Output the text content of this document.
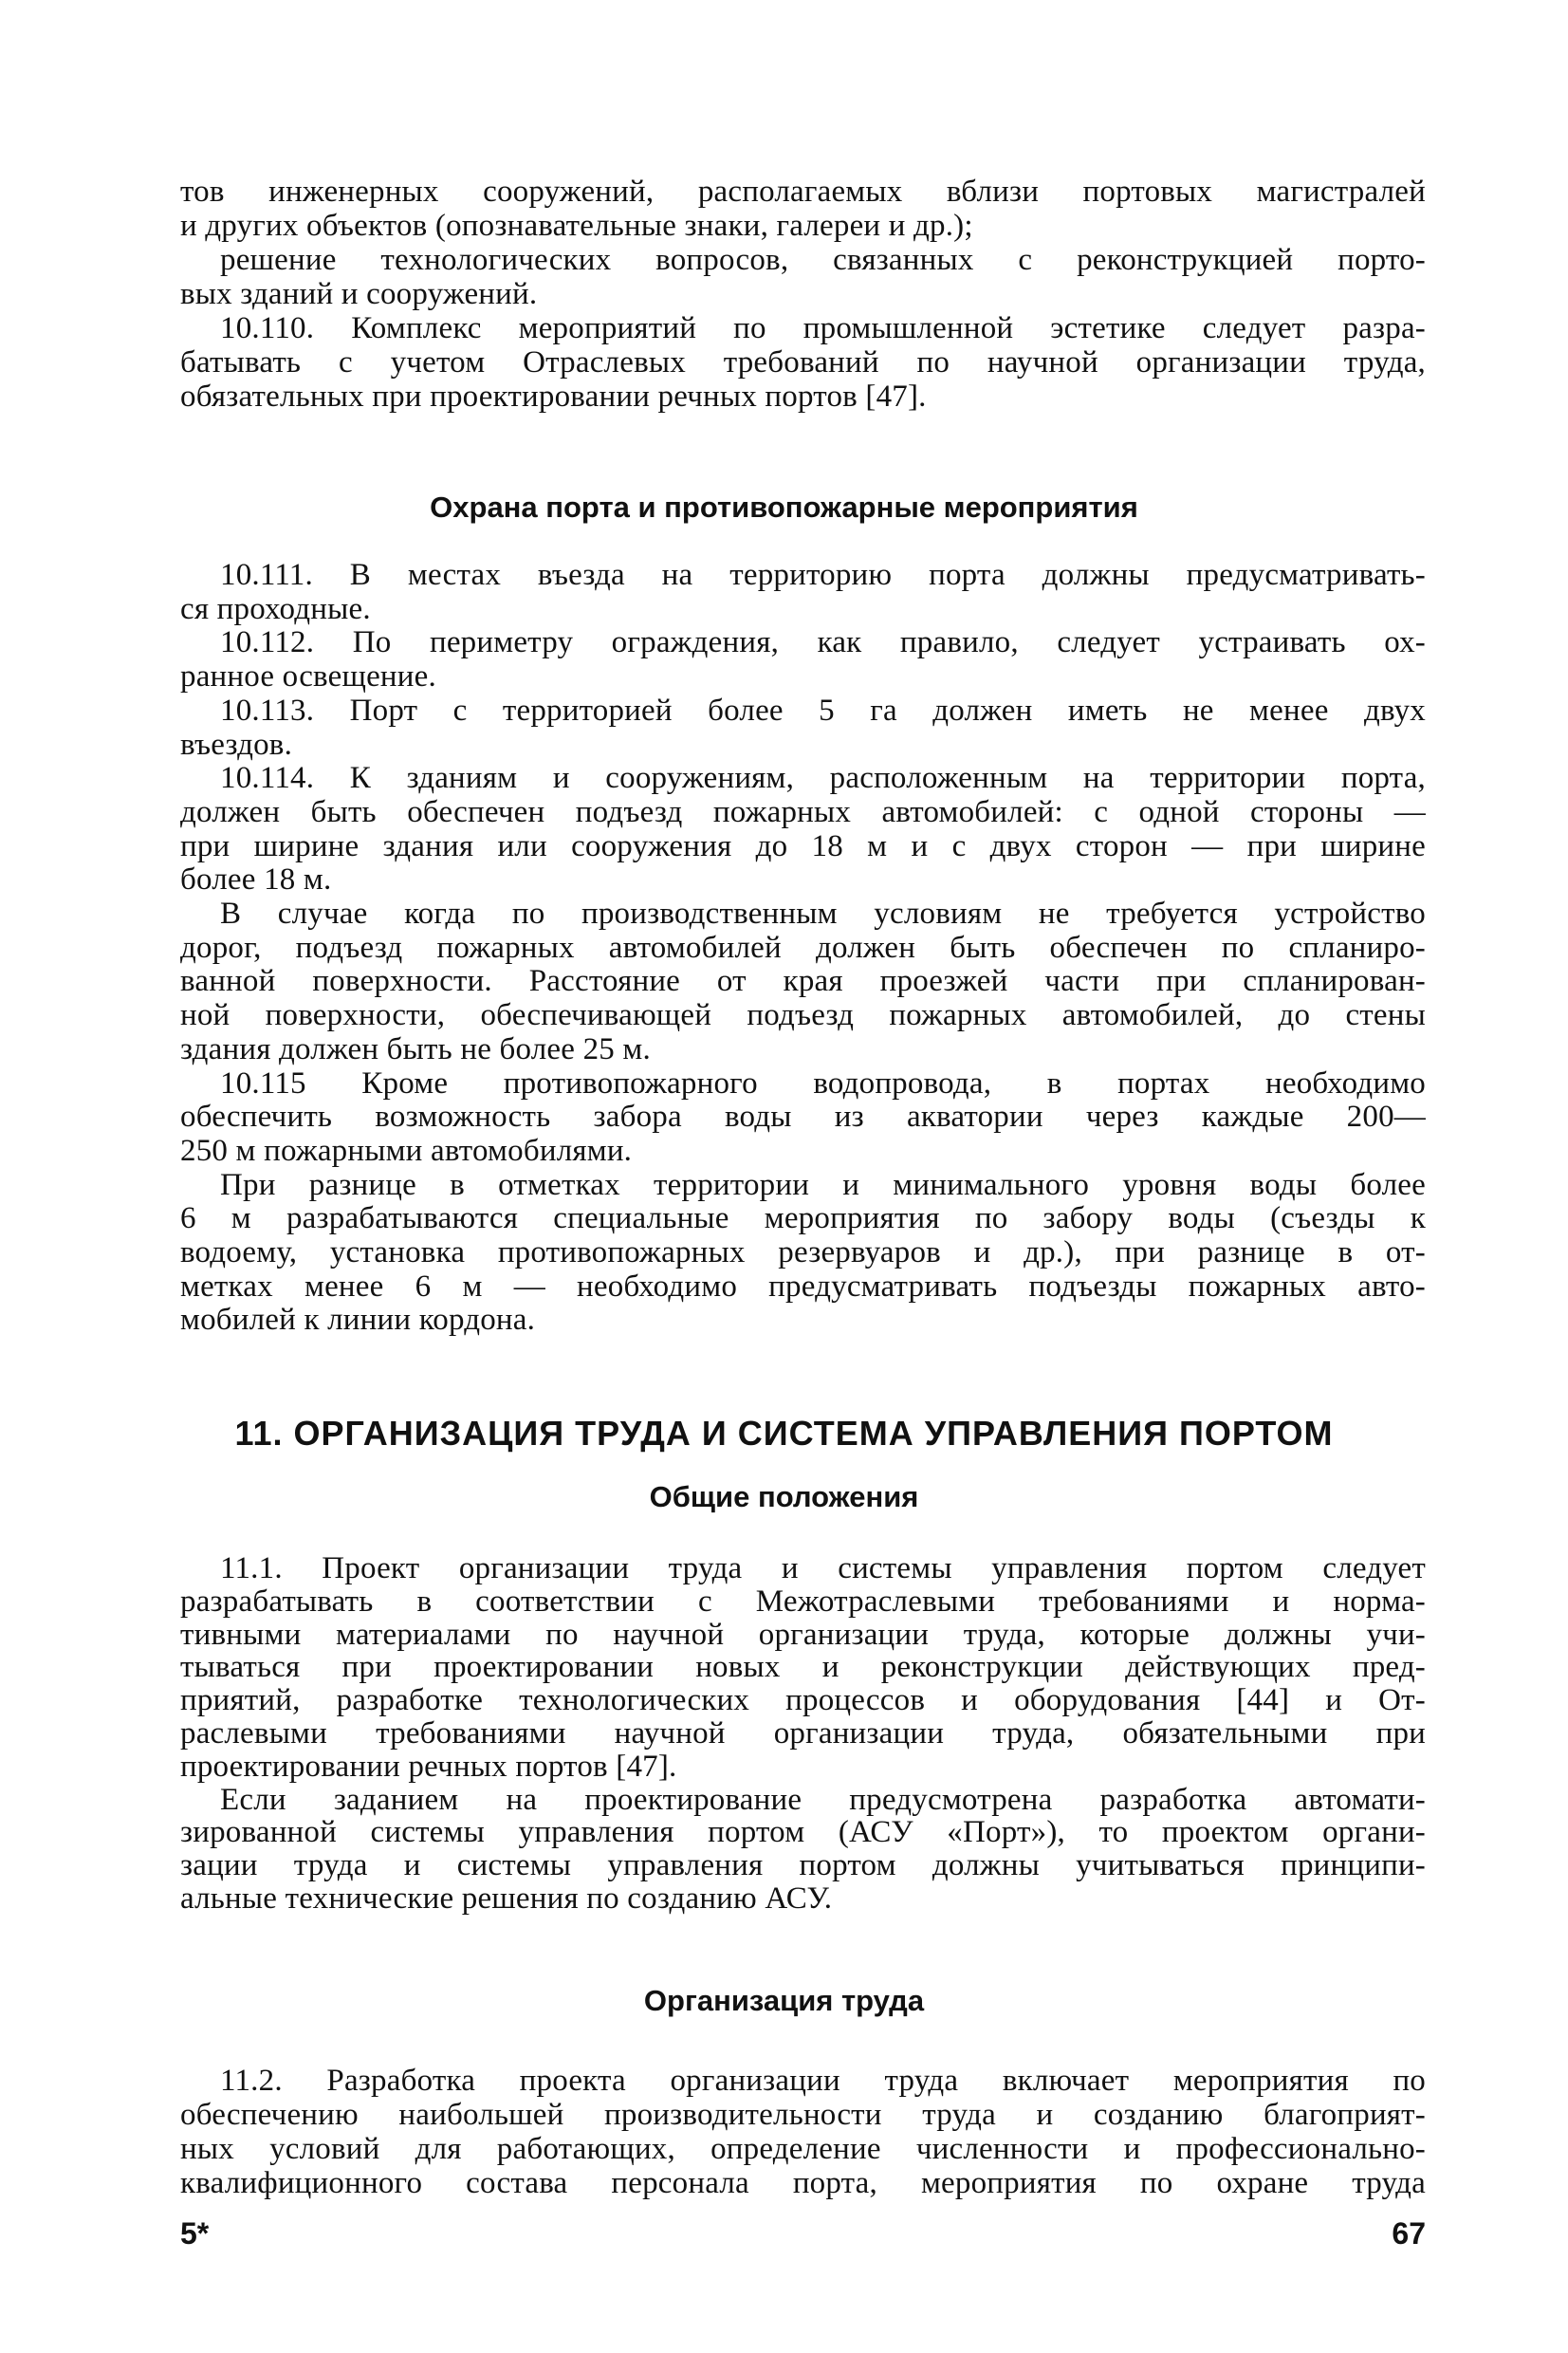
Охрана порта и противопожарные мероприятия
11. ОРГАНИЗАЦИЯ ТРУДА И СИСТЕМА УПРАВЛЕНИЯ ПОРТОМ
Общие положения
Организация труда
тов инженерных сооружений, располагаемых вблизи портовых магистралей
и других объектов (опознавательные знаки, галереи и др.);
решение технологических вопросов, связанных с реконструкцией порто-
вых зданий и сооружений.
10.110. Комплекс мероприятий по промышленной эстетике следует разра-
батывать с учетом Отраслевых требований по научной организации труда,
обязательных при проектировании речных портов [47].
10.111. В местах въезда на территорию порта должны предусматривать-
ся проходные.
10.112. По периметру ограждения, как правило, следует устраивать ох-
ранное освещение.
10.113. Порт с территорией более 5 га должен иметь не менее двух
въездов.
10.114. К зданиям и сооружениям, расположенным на территории порта,
должен быть обеспечен подъезд пожарных автомобилей: с одной стороны —
при ширине здания или сооружения до 18 м и с двух сторон — при ширине
более 18 м.
В случае когда по производственным условиям не требуется устройство
дорог, подъезд пожарных автомобилей должен быть обеспечен по спланиро-
ванной поверхности. Расстояние от края проезжей части при спланирован-
ной поверхности, обеспечивающей подъезд пожарных автомобилей, до стены
здания должен быть не более 25 м.
10.115 Кроме противопожарного водопровода, в портах необходимо
обеспечить возможность забора воды из акватории через каждые 200—
250 м пожарными автомобилями.
При разнице в отметках территории и минимального уровня воды более
6 м разрабатываются специальные мероприятия по забору воды (съезды к
водоему, установка противопожарных резервуаров и др.), при разнице в от-
метках менее 6 м — необходимо предусматривать подъезды пожарных авто-
мобилей к линии кордона.
11.1. Проект организации труда и системы управления портом следует
разрабатывать в соответствии с Межотраслевыми требованиями и норма-
тивными материалами по научной организации труда, которые должны учи-
тываться при проектировании новых и реконструкции действующих пред-
приятий, разработке технологических процессов и оборудования [44] и От-
раслевыми требованиями научной организации труда, обязательными при
проектировании речных портов [47].
Если заданием на проектирование предусмотрена разработка автомати-
зированной системы управления портом (АСУ «Порт»), то проектом органи-
зации труда и системы управления портом должны учитываться принципи-
альные технические решения по созданию АСУ.
11.2. Разработка проекта организации труда включает мероприятия по
обеспечению наибольшей производительности труда и созданию благоприят-
ных условий для работающих, определение численности и профессионально-
квалифиционного состава персонала порта, мероприятия по охране труда
5*	67
